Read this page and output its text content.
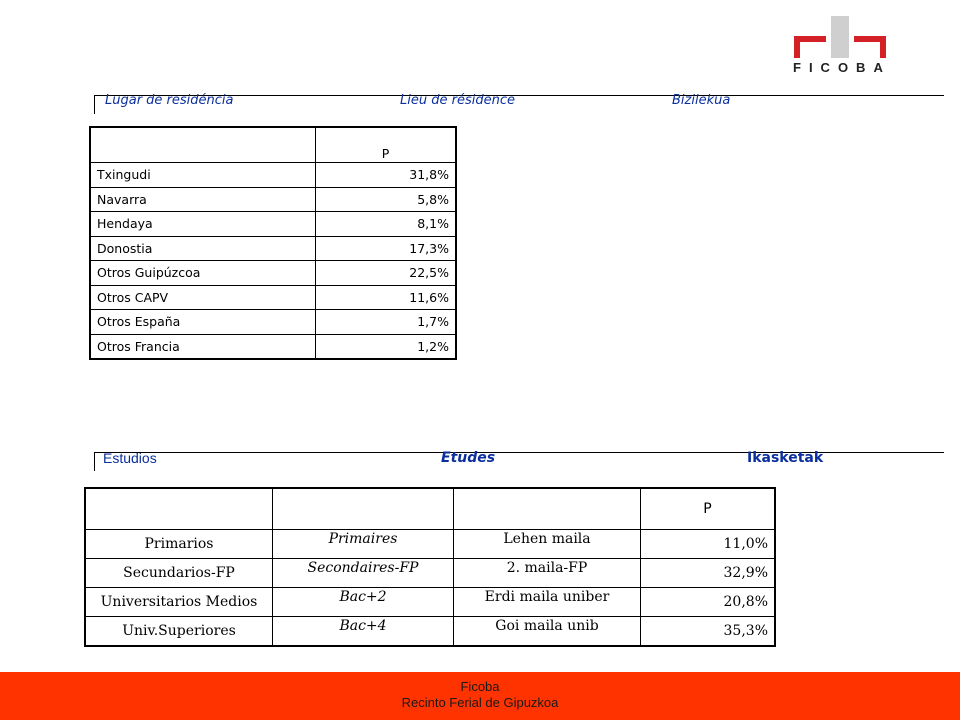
FICOBA
Lugar de residéncia	Lieu de résidence	Bizilekua
	P
Txingudi	31,8%
Navarra	5,8%
Hendaya	8,1%
Donostia	17,3%
Otros Guipúzcoa	22,5%
Otros CAPV	11,6%
Otros España	1,7%
Otros Francia	1,2%
Estudios	Etudes	Ikasketak
			P
Primarios	Primaires	Lehen maila	11,0%
Secundarios-FP	Secondaires-FP	2. maila-FP	32,9%
Universitarios Medios	Bac+2	Erdi maila uniber	20,8%
Univ.Superiores	Bac+4	Goi maila unib	35,3%
Ficoba
Recinto Ferial de Gipuzkoa
